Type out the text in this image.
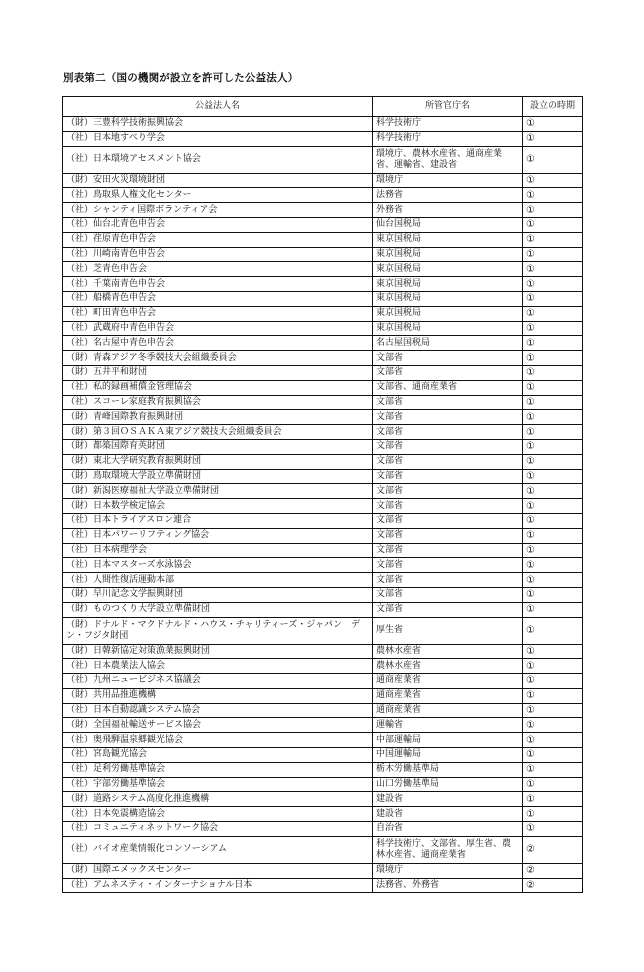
別表第二（国の機関が設立を許可した公益法人）
公益法人名	所管官庁名	設立の時期
（財）三豊科学技術振興協会	科学技術庁	①
（社）日本地すべり学会	科学技術庁	①
（社）日本環境アセスメント協会	環境庁、農林水産省、通商産業省、運輸省、建設省	①
（財）安田火災環境財団	環境庁	①
（社）鳥取県人権文化センター	法務省	①
（社）シャンティ国際ボランティア会	外務省	①
（社）仙台北青色申告会	仙台国税局	①
（社）荏原青色申告会	東京国税局	①
（社）川崎南青色申告会	東京国税局	①
（社）芝青色申告会	東京国税局	①
（社）千葉南青色申告会	東京国税局	①
（社）船橋青色申告会	東京国税局	①
（社）町田青色申告会	東京国税局	①
（社）武蔵府中青色申告会	東京国税局	①
（社）名古屋中青色申告会	名古屋国税局	①
（財）青森アジア冬季競技大会組織委員会	文部省	①
（財）五井平和財団	文部省	①
（社）私的録画補償金管理協会	文部省、通商産業省	①
（社）スコーレ家庭教育振興協会	文部省	①
（財）青峰国際教育振興財団	文部省	①
（財）第３回ＯＳＡＫＡ東アジア競技大会組織委員会	文部省	①
（財）都築国際育英財団	文部省	①
（財）東北大学研究教育振興財団	文部省	①
（財）鳥取環境大学設立準備財団	文部省	①
（財）新潟医療福祉大学設立準備財団	文部省	①
（財）日本数学検定協会	文部省	①
（社）日本トライアスロン連合	文部省	①
（社）日本パワーリフティング協会	文部省	①
（社）日本病理学会	文部省	①
（社）日本マスターズ水泳協会	文部省	①
（社）人間性復活運動本部	文部省	①
（財）早川記念文学振興財団	文部省	①
（財）ものつくり大学設立準備財団	文部省	①
（財）ドナルド・マクドナルド・ハウス・チャリティーズ・ジャパン　デン・フジタ財団	厚生省	①
（財）日韓新協定対策漁業振興財団	農林水産省	①
（社）日本農業法人協会	農林水産省	①
（社）九州ニュービジネス協議会	通商産業省	①
（財）共用品推進機構	通商産業省	①
（社）日本自動認識システム協会	通商産業省	①
（財）全国福祉輸送サービス協会	運輸省	①
（社）奥飛騨温泉郷観光協会	中部運輸局	①
（社）宮島観光協会	中国運輸局	①
（社）足利労働基準協会	栃木労働基準局	①
（社）宇部労働基準協会	山口労働基準局	①
（財）道路システム高度化推進機構	建設省	①
（社）日本免震構造協会	建設省	①
（社）コミュニティネットワーク協会	自治省	①
（社）バイオ産業情報化コンソーシアム	科学技術庁、文部省、厚生省、農林水産省、通商産業省	②
（財）国際エメックスセンター	環境庁	②
（社）アムネスティ・インターナショナル日本	法務省、外務省	②
